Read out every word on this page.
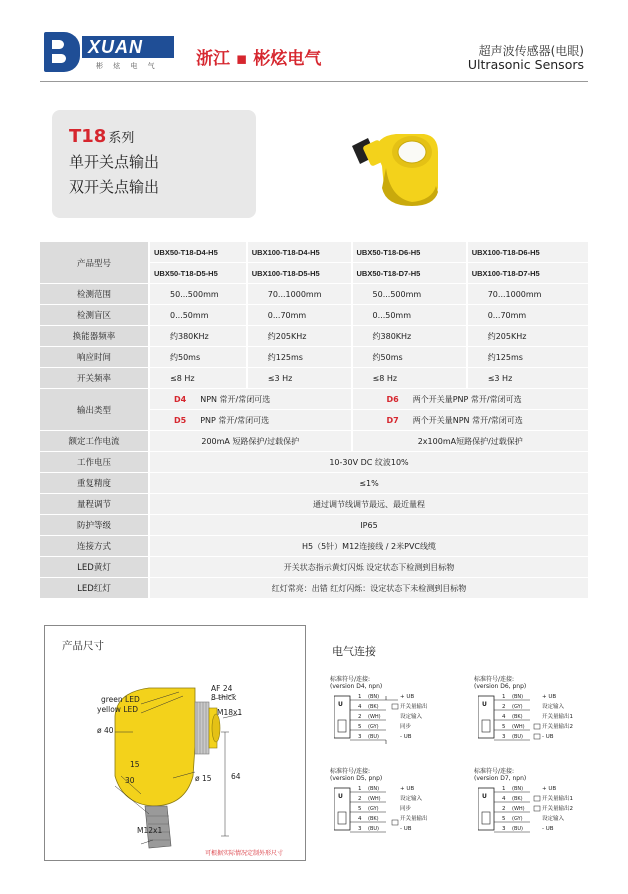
XUAN
彬 炫 电 气 浙江 ▪ 彬炫电气	超声波传感器(电眼)
Ultrasonic Sensors
T18 系列
单开关点输出
双开关点输出
产品型号	UBX50-T18-D4-H5	UBX100-T18-D4-H5	UBX50-T18-D6-H5	UBX100-T18-D6-H5
	UBX50-T18-D5-H5	UBX100-T18-D5-H5	UBX50-T18-D7-H5	UBX100-T18-D7-H5
检测范围	50...500mm	70...1000mm	50...500mm	70...1000mm
检测盲区	0...50mm	0...70mm	0...50mm	0...70mm
换能器频率	约380KHz	约205KHz	约380KHz	约205KHz
响应时间	约50ms	约125ms	约50ms	约125ms
开关频率	≤8 Hz	≤3 Hz	≤8 Hz	≤3 Hz
输出类型	D4 NPN 常开/常闭可选		D6 两个开关量PNP 常开/常闭可选	
	D5 PNP 常开/常闭可选		D7 两个开关量NPN 常开/常闭可选	
额定工作电流	200mA 短路保护/过载保护		2x100mA短路保护/过载保护	
工作电压	10-30V DC 纹波10%			
重复精度	≤1%			
量程调节	通过调节线调节最远、最近量程			
防护等级	IP65			
连接方式	H5（5针）M12连接线 / 2米PVC线缆			
LED黄灯	开关状态指示黄灯闪烁 设定状态下检测到目标物			
LED红灯	红灯常亮：出错 红灯闪烁：设定状态下未检测到目标物			
产品尺寸
green LED
yellow LED
AF 24
8 thick
M18x1
ø 40
15
30	ø 15	64
M12x1
可根据实际情况定制外形尺寸
电气连接
标准符号/连接:
(version D4, npn)
U
1
4
2
5
3
(BN)
(BK)
(WH)
(GY)
(BU)
+ UB
开关量输出
设定输入
同步
- UB
标准符号/连接:
(version D6, pnp)
U
1
2
4
5
3
(BN)
(GY)
(BK)
(WH)
(BU)
+ UB
设定输入
开关量输出1
开关量输出2
- UB
标准符号/连接:
(version D5, pnp)
U
1
2
5
4
3
(BN)
(WH)
(GY)
(BK)
(BU)
+ UB
设定输入
同步
开关量输出
- UB
标准符号/连接:
(version D7, npn)
U
1
4
2
5
3
(BN)
(BK)
(WH)
(GY)
(BU)
+ UB
开关量输出1
开关量输出2
设定输入
- UB
